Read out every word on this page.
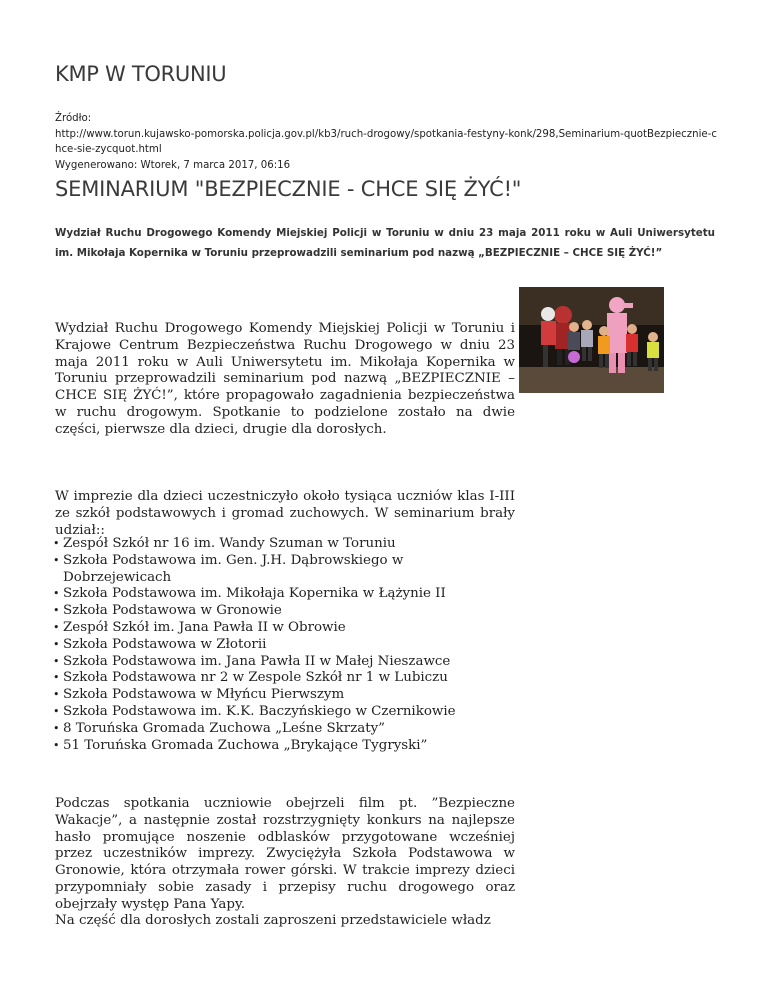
KMP W TORUNIU
Źródło:
http://www.torun.kujawsko-pomorska.policja.gov.pl/kb3/ruch-drogowy/spotkania-festyny-konk/298,Seminarium-quotBezpiecznie-chce-sie-zycquot.html
Wygenerowano: Wtorek, 7 marca 2017, 06:16
SEMINARIUM "BEZPIECZNIE - CHCE SIĘ ŻYĆ!"

Wydział Ruchu Drogowego Komendy Miejskiej Policji w Toruniu w dniu 23 maja 2011 roku w Auli Uniwersytetu im. Mikołaja Kopernika w Toruniu przeprowadzili seminarium pod nazwą „BEZPIECZNIE – CHCE SIĘ ŻYĆ!”

Wydział Ruchu Drogowego Komendy Miejskiej Policji w Toruniu i Krajowe Centrum Bezpieczeństwa Ruchu Drogowego w dniu 23 maja 2011 roku w Auli Uniwersytetu im. Mikołaja Kopernika w Toruniu przeprowadzili seminarium pod nazwą „BEZPIECZNIE – CHCE SIĘ ŻYĆ!”, które propagowało zagadnienia bezpieczeństwa w ruchu drogowym. Spotkanie to podzielone zostało na dwie części, pierwsze dla dzieci, drugie dla dorosłych.

W imprezie dla dzieci uczestniczyło około tysiąca uczniów klas I-III ze szkół podstawowych i gromad zuchowych. W seminarium brały udział::

• Zespół Szkół nr 16 im. Wandy Szuman w Toruniu
• Szkoła Podstawowa im. Gen. J.H. Dąbrowskiego w Dobrzejewicach
• Szkoła Podstawowa im. Mikołaja Kopernika w Łążynie II
• Szkoła Podstawowa w Gronowie
• Zespół Szkół im. Jana Pawła II w Obrowie
• Szkoła Podstawowa w Złotorii
• Szkoła Podstawowa im. Jana Pawła II w Małej Nieszawce
• Szkoła Podstawowa nr 2 w Zespole Szkół nr 1 w Lubiczu
• Szkoła Podstawowa w Młyńcu Pierwszym
• Szkoła Podstawowa im. K.K. Baczyńskiego w Czernikowie
• 8 Toruńska Gromada Zuchowa „Leśne Skrzaty”
• 51 Toruńska Gromada Zuchowa „Brykające Tygryski”

Podczas spotkania uczniowie obejrzeli film pt. ”Bezpieczne Wakacje”, a następnie został rozstrzygnięty konkurs na najlepsze hasło promujące noszenie odblasków przygotowane wcześniej przez uczestników imprezy. Zwyciężyła Szkoła Podstawowa w Gronowie, która otrzymała rower górski. W trakcie imprezy dzieci przypomniały sobie zasady i przepisy ruchu drogowego oraz obejrzały występ Pana Yapy.

Na część dla dorosłych zostali zaproszeni przedstawiciele władz
